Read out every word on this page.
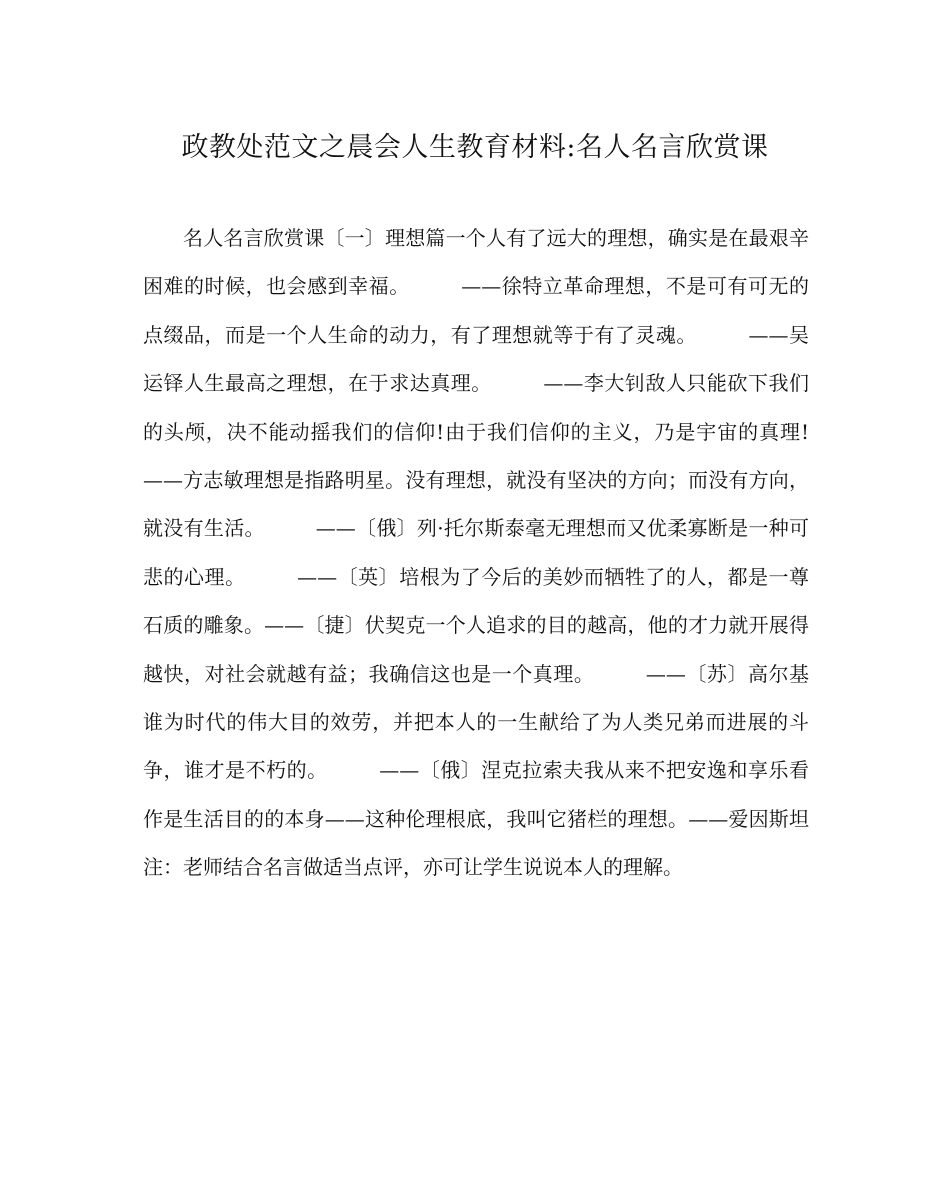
政教处范文之晨会人生教育材料:名人名言欣赏课

名人名言欣赏课〔一〕理想篇一个人有了远大的理想，确实是在最艰辛困难的时候，也会感到幸福。　　　——徐特立革命理想，不是可有可无的点缀品，而是一个人生命的动力，有了理想就等于有了灵魂。　　　——吴运铎人生最高之理想，在于求达真理。　　　——李大钊敌人只能砍下我们的头颅，决不能动摇我们的信仰!由于我们信仰的主义，乃是宇宙的真理!　　　——方志敏理想是指路明星。没有理想，就没有坚决的方向；而没有方向，就没有生活。　　　——〔俄〕列·托尔斯泰毫无理想而又优柔寡断是一种可悲的心理。　　　——〔英〕培根为了今后的美妙而牺牲了的人，都是一尊石质的雕象。——〔捷〕伏契克一个人追求的目的越高，他的才力就开展得越快，对社会就越有益；我确信这也是一个真理。　　　——〔苏〕高尔基谁为时代的伟大目的效劳，并把本人的一生献给了为人类兄弟而进展的斗争，谁才是不朽的。　　　——〔俄〕涅克拉索夫我从来不把安逸和享乐看作是生活目的的本身——这种伦理根底，我叫它猪栏的理想。——爱因斯坦注：老师结合名言做适当点评，亦可让学生说说本人的理解。
